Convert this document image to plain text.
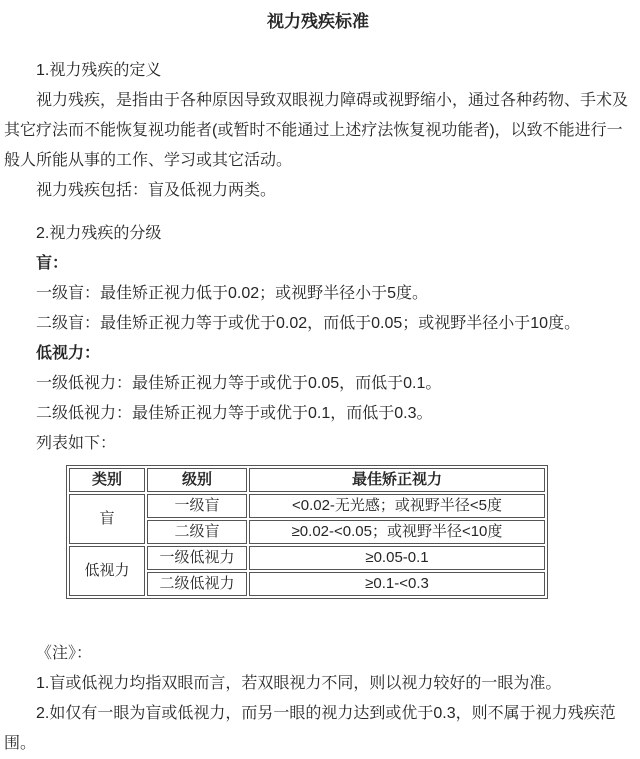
视力残疾标准

1.视力残疾的定义

视力残疾，是指由于各种原因导致双眼视力障碍或视野缩小，通过各种药物、手术及其它疗法而不能恢复视功能者(或暂时不能通过上述疗法恢复视功能者)，以致不能进行一般人所能从事的工作、学习或其它活动。

视力残疾包括：盲及低视力两类。

2.视力残疾的分级

盲：

一级盲：最佳矫正视力低于0.02；或视野半径小于5度。

二级盲：最佳矫正视力等于或优于0.02，而低于0.05；或视野半径小于10度。

低视力：

一级低视力：最佳矫正视力等于或优于0.05，而低于0.1。

二级低视力：最佳矫正视力等于或优于0.1，而低于0.3。

列表如下：

类别	级别	最佳矫正视力
盲	一级盲	<0.02-无光感；或视野半径<5度
	二级盲	≥0.02-<0.05；或视野半径<10度
低视力	一级低视力	≥0.05-0.1
	二级低视力	≥0.1-<0.3

《注》：

1.盲或低视力均指双眼而言，若双眼视力不同，则以视力较好的一眼为准。

2.如仅有一眼为盲或低视力，而另一眼的视力达到或优于0.3，则不属于视力残疾范围。
